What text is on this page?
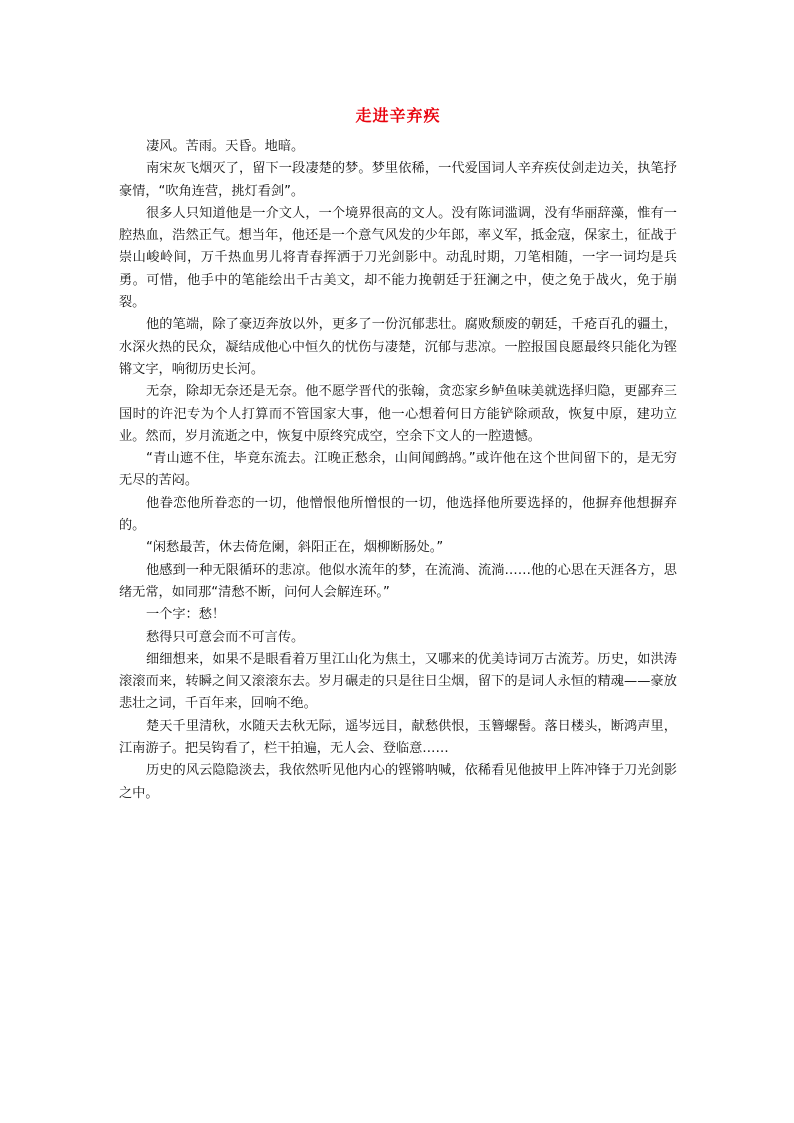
走进辛弃疾

凄风。苦雨。天昏。地暗。

南宋灰飞烟灭了，留下一段凄楚的梦。梦里依稀，一代爱国词人辛弃疾仗剑走边关，执笔抒豪情，“吹角连营，挑灯看剑”。

很多人只知道他是一介文人，一个境界很高的文人。没有陈词滥调，没有华丽辞藻，惟有一腔热血，浩然正气。想当年，他还是一个意气风发的少年郎，率义军，抵金寇，保家土，征战于崇山峻岭间，万千热血男儿将青春挥洒于刀光剑影中。动乱时期，刀笔相随，一字一词均是兵勇。可惜，他手中的笔能绘出千古美文，却不能力挽朝廷于狂澜之中，使之免于战火，免于崩裂。

他的笔端，除了豪迈奔放以外，更多了一份沉郁悲壮。腐败颓废的朝廷，千疮百孔的疆土，水深火热的民众，凝结成他心中恒久的忧伤与凄楚，沉郁与悲凉。一腔报国良愿最终只能化为铿锵文字，响彻历史长河。

无奈，除却无奈还是无奈。他不愿学晋代的张翰，贪恋家乡鲈鱼味美就选择归隐，更鄙弃三国时的许汜专为个人打算而不管国家大事，他一心想着何日方能铲除顽敌，恢复中原，建功立业。然而，岁月流逝之中，恢复中原终究成空，空余下文人的一腔遗憾。

“青山遮不住，毕竟东流去。江晚正愁余，山间闻鹧鸪。”或许他在这个世间留下的，是无穷无尽的苦闷。

他眷恋他所眷恋的一切，他憎恨他所憎恨的一切，他选择他所要选择的，他摒弃他想摒弃的。

“闲愁最苦，休去倚危阑，斜阳正在，烟柳断肠处。”

他感到一种无限循环的悲凉。他似水流年的梦，在流淌、流淌……他的心思在天涯各方，思绪无常，如同那“清愁不断，问何人会解连环。”

一个字：愁！

愁得只可意会而不可言传。

细细想来，如果不是眼看着万里江山化为焦土，又哪来的优美诗词万古流芳。历史，如洪涛滚滚而来，转瞬之间又滚滚东去。岁月碾走的只是往日尘烟，留下的是词人永恒的精魂——豪放悲壮之词，千百年来，回响不绝。

楚天千里清秋，水随天去秋无际，遥岑远目，献愁供恨，玉簪螺髻。落日楼头，断鸿声里，江南游子。把吴钩看了，栏干拍遍，无人会、登临意……

历史的风云隐隐淡去，我依然听见他内心的铿锵呐喊，依稀看见他披甲上阵冲锋于刀光剑影之中。
